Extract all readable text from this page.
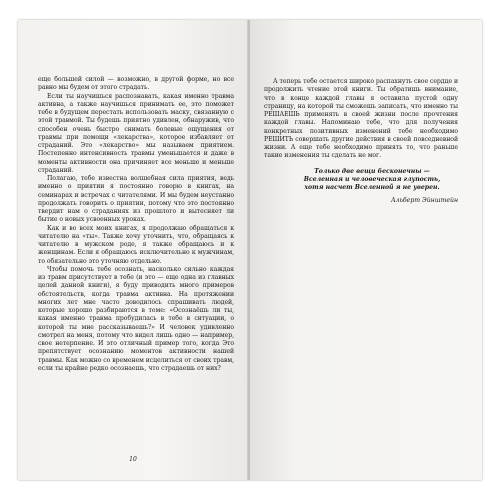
еще большей силой — возможно, в другой форме, но все равно мы будем от этого страдать.

Если ты научишься распознавать, какая именно травма активна, а также научишься принимать ее, это поможет тебе в будущем перестать использовать маску, связанную с этой травмой. Ты будешь приятно удивлен, обнаружив, что способен очень быстро снимать болевые ощущения от травмы при помощи «лекарства», которое избавляет от страданий. Это «лекарство» мы называем приятием. Постепенно интенсивность травмы уменьшается и даже в моменты активности она причиняет все меньше и меньше страданий.

Полагаю, тебе известна волшебная сила приятия, ведь именно о приятии я постоянно говорю в книгах, на семинарах и встречах с читателями. И мы будем неустанно продолжать говорить о приятии, потому что это постоянно твердит нам о страданиях из прошлого и вытесняет ли бытие о новых усвоенных уроках.

Как и во всех моих книгах, я продолжаю обращаться к читателю на «ты». Также хочу уточнить, что, обращаясь к читателю в мужском роде, я также обращаюсь и к женщинам. Если я обращаюсь исключительно к мужчинам, то обязательно это уточняю отдельно.

Чтобы помочь тебе осознать, насколько сильно каждая из травм присутствует в тебе (и это — еще одна из главных целей данной книги), я буду приводить много примеров обстоятельств, когда травма активна. На протяжении многих лет мне часто доводилось спрашивать людей, которые хорошо разбираются в теме: «Осознаёшь ли ты, какая именно травма пробудилась в тебе в ситуации, о которой ты мне рассказываешь?» И человек удивленно смотрел на меня, потому что видел лишь одно — например, свое нетерпение. И это отличный пример того, когда Это препятствует осознанию моментов активности нашей травмы. Как можно со временем исцелиться от своих травм, если ты крайне редко осознаешь, что страдаешь от них?

10

А теперь тебе остается широко распахнуть свое сердце и продолжить чтение этой книги. Ты обратишь внимание, что в конце каждой главы я оставила пустой одну страницу, на которой ты сможешь записать, что именно ты РЕШАЕШЬ применять в своей жизни после прочтения каждой главы. Напоминаю тебе, что для получения конкретных позитивных изменений тебе необходимо РЕШИТЬ совершать другие действия в своей повседневной жизни. А еще тебе необходимо принять то, что раньше такие изменения ты сделать не мог.

Только две вещи бесконечны —
Вселенная и человеческая глупость,
хотя насчет Вселенной я не уверен.
Альберт Эйнштейн
